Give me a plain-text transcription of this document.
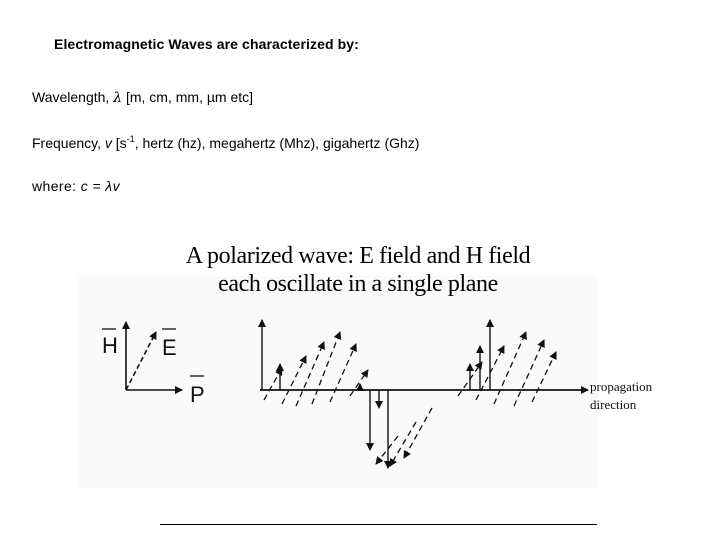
Electromagnetic Waves are characterized by:
Wavelength, λ [m, cm, mm, µm etc]
Frequency, v [$s^{-1}$, hertz (hz), megahertz (Mhz), gigahertz (Ghz)
where: c = λv
A polarized wave: E field and H field
each oscillate in a single plane
H E
P	propagation
direction
